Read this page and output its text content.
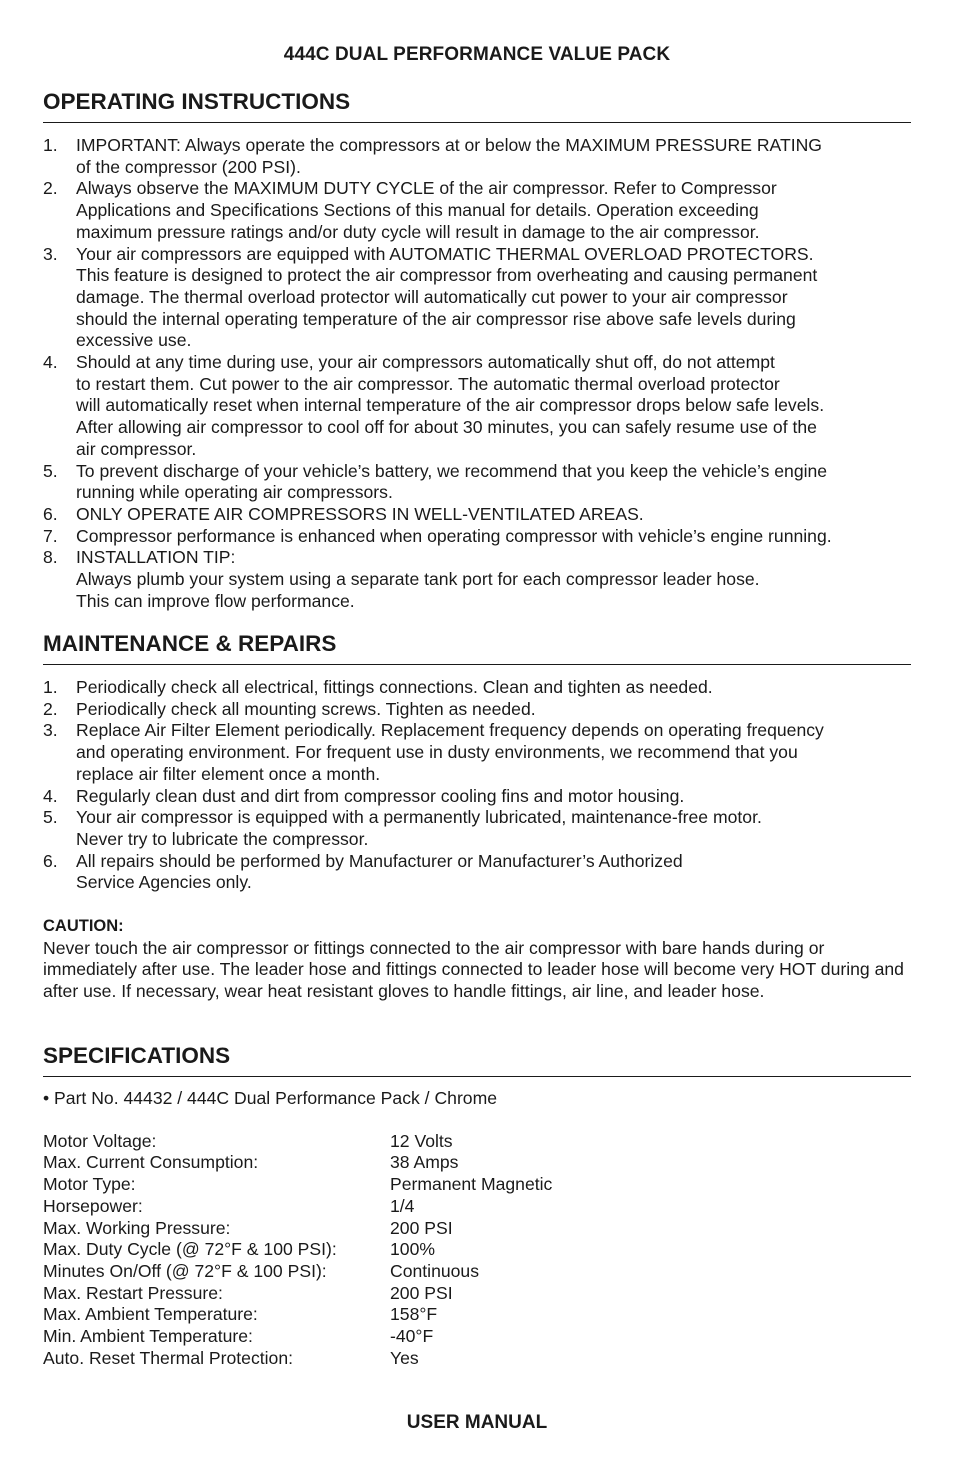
444C DUAL PERFORMANCE VALUE PACK
OPERATING INSTRUCTIONS
1.	IMPORTANT: Always operate the compressors at or below the MAXIMUM PRESSURE RATING
of the compressor (200 PSI).
2.	Always observe the MAXIMUM DUTY CYCLE of the air compressor. Refer to Compressor
Applications and Specifications Sections of this manual for details. Operation exceeding
maximum pressure ratings and/or duty cycle will result in damage to the air compressor.
3.	Your air compressors are equipped with AUTOMATIC THERMAL OVERLOAD PROTECTORS.
This feature is designed to protect the air compressor from overheating and causing permanent
damage. The thermal overload protector will automatically cut power to your air compressor
should the internal operating temperature of the air compressor rise above safe levels during
excessive use.
4.	Should at any time during use, your air compressors automatically shut off, do not attempt
to restart them. Cut power to the air compressor. The automatic thermal overload protector
will automatically reset when internal temperature of the air compressor drops below safe levels.
After allowing air compressor to cool off for about 30 minutes, you can safely resume use of the
air compressor.
5.	To prevent discharge of your vehicle’s battery, we recommend that you keep the vehicle’s engine
running while operating air compressors.
6.	ONLY OPERATE AIR COMPRESSORS IN WELL-VENTILATED AREAS.
7.	Compressor performance is enhanced when operating compressor with vehicle’s engine running.
8.	INSTALLATION TIP:
Always plumb your system using a separate tank port for each compressor leader hose.
This can improve flow performance.
MAINTENANCE & REPAIRS
1.	Periodically check all electrical, fittings connections. Clean and tighten as needed.
2.	Periodically check all mounting screws. Tighten as needed.
3.	Replace Air Filter Element periodically. Replacement frequency depends on operating frequency
and operating environment. For frequent use in dusty environments, we recommend that you
replace air filter element once a month.
4.	Regularly clean dust and dirt from compressor cooling fins and motor housing.
5.	Your air compressor is equipped with a permanently lubricated, maintenance-free motor.
Never try to lubricate the compressor.
6.	All repairs should be performed by Manufacturer or Manufacturer’s Authorized
Service Agencies only.
CAUTION:
Never touch the air compressor or fittings connected to the air compressor with bare hands during or immediately after use. The leader hose and fittings connected to leader hose will become very HOT during and after use. If necessary, wear heat resistant gloves to handle fittings, air line, and leader hose.
SPECIFICATIONS
• Part No. 44432 / 444C Dual Performance Pack / Chrome
Motor Voltage:	12 Volts
Max. Current Consumption:	38 Amps
Motor Type:	Permanent Magnetic
Horsepower:	1/4
Max. Working Pressure:	200 PSI
Max. Duty Cycle (@ 72°F & 100 PSI):	100%
Minutes On/Off (@ 72°F & 100 PSI):	Continuous
Max. Restart Pressure:	200 PSI
Max. Ambient Temperature:	158°F
Min. Ambient Temperature:	-40°F
Auto. Reset Thermal Protection:	Yes
USER MANUAL
